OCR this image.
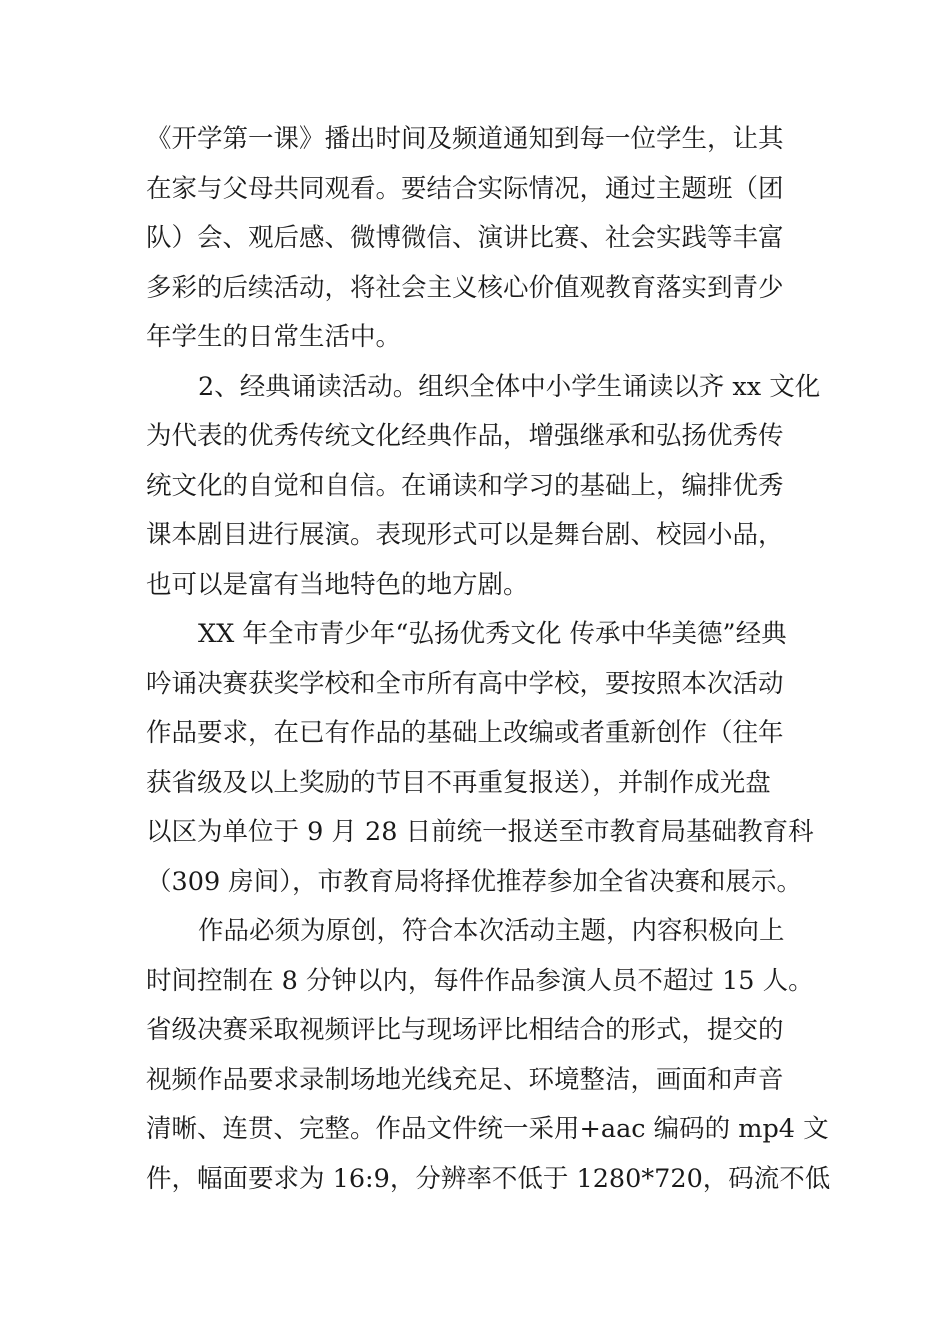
《开学第一课》播出时间及频道通知到每一位学生，让其
在家与父母共同观看。要结合实际情况，通过主题班（团
队）会、观后感、微博微信、演讲比赛、社会实践等丰富
多彩的后续活动，将社会主义核心价值观教育落实到青少
年学生的日常生活中。
2、经典诵读活动。组织全体中小学生诵读以齐 xx 文化
为代表的优秀传统文化经典作品，增强继承和弘扬优秀传
统文化的自觉和自信。在诵读和学习的基础上，编排优秀
课本剧目进行展演。表现形式可以是舞台剧、校园小品，
也可以是富有当地特色的地方剧。
XX 年全市青少年“弘扬优秀文化 传承中华美德”经典
吟诵决赛获奖学校和全市所有高中学校，要按照本次活动
作品要求，在已有作品的基础上改编或者重新创作（往年
获省级及以上奖励的节目不再重复报送），并制作成光盘
以区为单位于 9 月 28 日前统一报送至市教育局基础教育科
（309 房间），市教育局将择优推荐参加全省决赛和展示。
作品必须为原创，符合本次活动主题，内容积极向上
时间控制在 8 分钟以内，每件作品参演人员不超过 15 人。
省级决赛采取视频评比与现场评比相结合的形式，提交的
视频作品要求录制场地光线充足、环境整洁，画面和声音
清晰、连贯、完整。作品文件统一采用+aac 编码的 mp4 文
件，幅面要求为 16:9，分辨率不低于 1280*720，码流不低
